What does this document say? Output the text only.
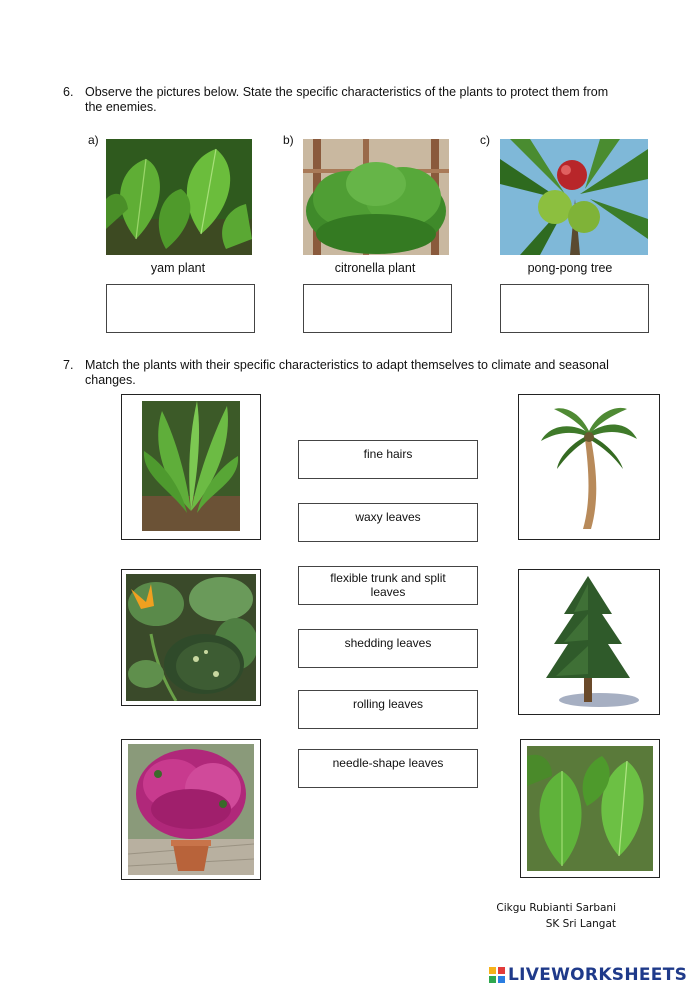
6. Observe the pictures below. State the specific characteristics of the plants to protect them from the enemies.
a)
yam plant
b)
citronella plant
c)
pong-pong tree
7. Match the plants with their specific characteristics to adapt themselves to climate and seasonal changes.
fine hairs
waxy leaves
flexible trunk and split leaves
shedding leaves
rolling leaves
needle-shape leaves
Cikgu Rubianti Sarbani
SK Sri Langat
LIVEWORKSHEETS
